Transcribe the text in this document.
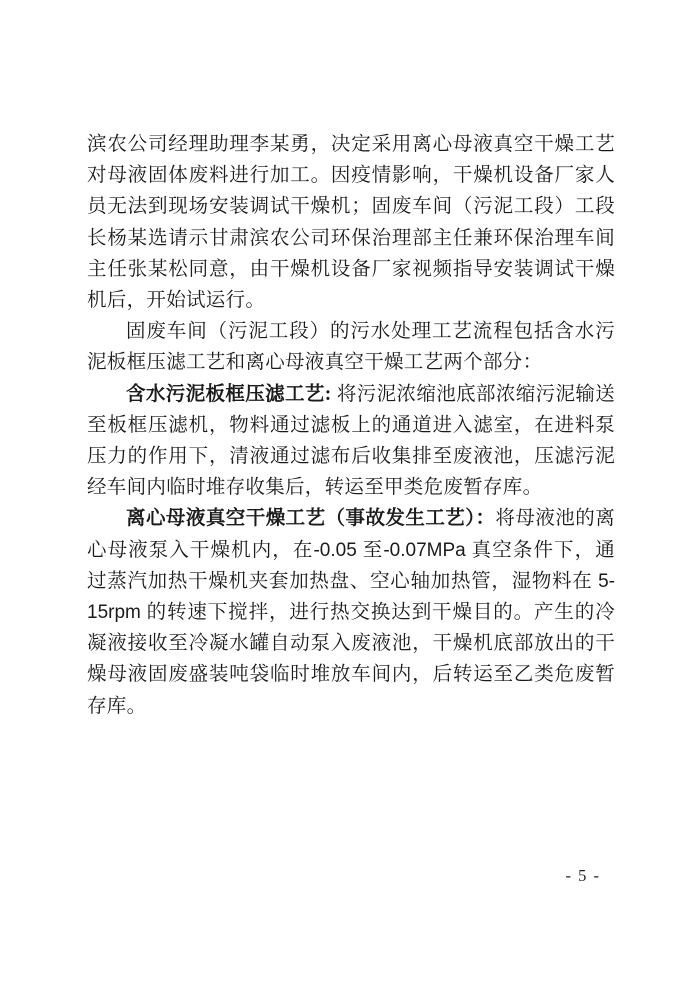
滨农公司经理助理李某勇，决定采用离心母液真空干燥工艺对母液固体废料进行加工。因疫情影响，干燥机设备厂家人员无法到现场安装调试干燥机；固废车间（污泥工段）工段长杨某选请示甘肃滨农公司环保治理部主任兼环保治理车间主任张某松同意，由干燥机设备厂家视频指导安装调试干燥机后，开始试运行。

固废车间（污泥工段）的污水处理工艺流程包括含水污泥板框压滤工艺和离心母液真空干燥工艺两个部分：

含水污泥板框压滤工艺: 将污泥浓缩池底部浓缩污泥输送至板框压滤机，物料通过滤板上的通道进入滤室，在进料泵压力的作用下，清液通过滤布后收集排至废液池，压滤污泥经车间内临时堆存收集后，转运至甲类危废暂存库。

离心母液真空干燥工艺（事故发生工艺）：将母液池的离心母液泵入干燥机内，在-0.05 至-0.07MPa 真空条件下，通过蒸汽加热干燥机夹套加热盘、空心轴加热管，湿物料在 5-15rpm 的转速下搅拌，进行热交换达到干燥目的。产生的冷凝液接收至冷凝水罐自动泵入废液池，干燥机底部放出的干燥母液固废盛装吨袋临时堆放车间内，后转运至乙类危废暂存库。

- 5 -
